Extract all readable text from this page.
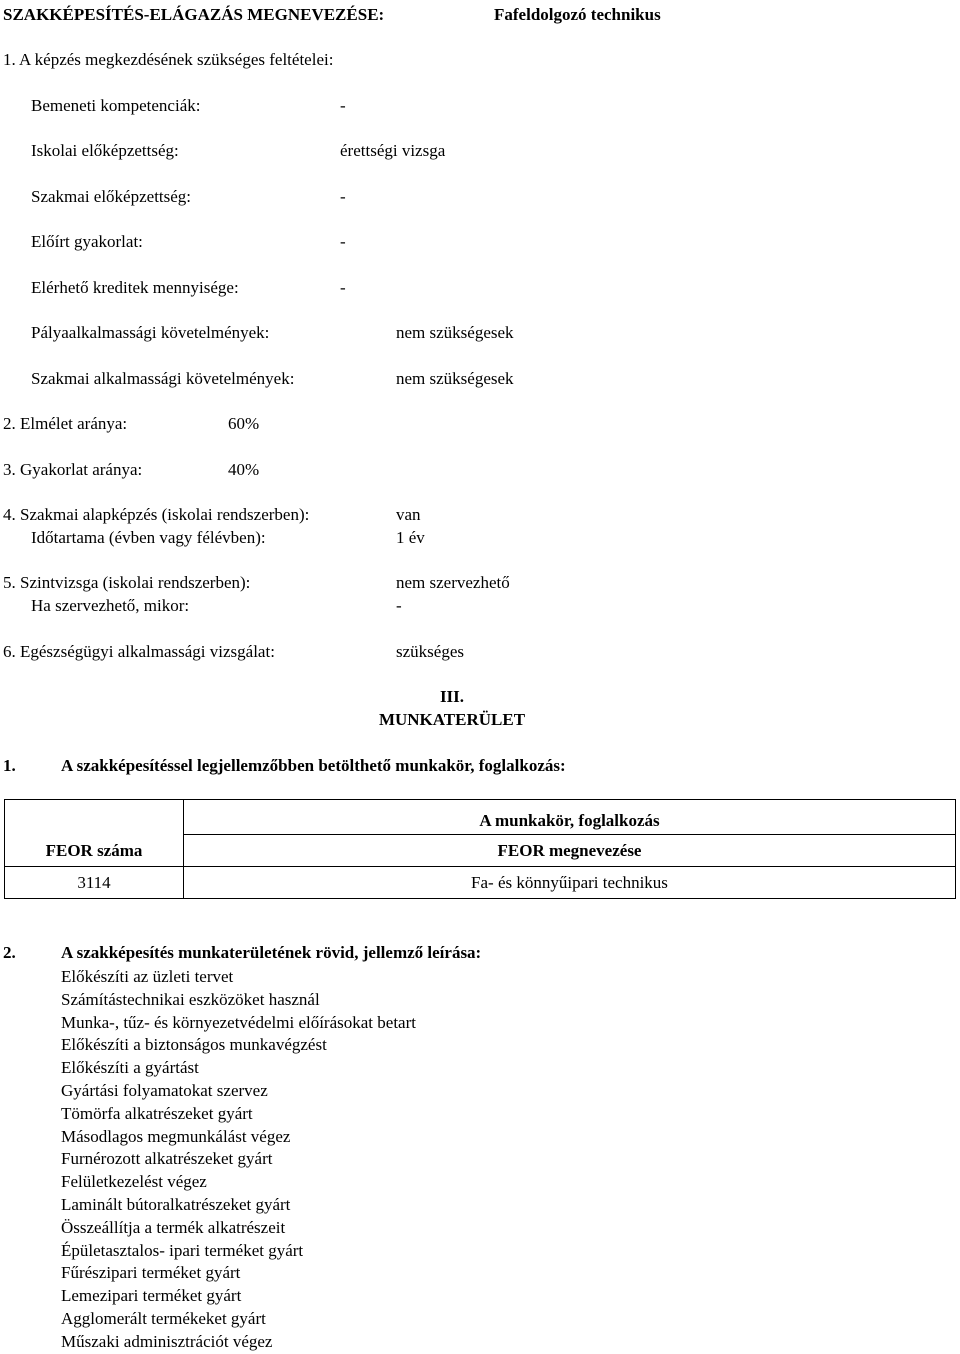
SZAKKÉPESÍTÉS-ELÁGAZÁS MEGNEVEZÉSE:	Fafeldolgozó technikus
1. A képzés megkezdésének szükséges feltételei:
Bemeneti kompetenciák:	-
Iskolai előképzettség:	érettségi vizsga
Szakmai előképzettség:	-
Előírt gyakorlat:	-
Elérhető kreditek mennyisége:	-
Pályaalkalmassági követelmények:	nem szükségesek
Szakmai alkalmassági követelmények:	nem szükségesek
2. Elmélet aránya:	60%
3. Gyakorlat aránya:	40%
4. Szakmai alapképzés (iskolai rendszerben):	van
Időtartama (évben vagy félévben):	1 év
5. Szintvizsga (iskolai rendszerben):	nem szervezhető
Ha szervezhető, mikor:	-
6. Egészségügyi alkalmassági vizsgálat:	szükséges
III.
MUNKATERÜLET
1.	A szakképesítéssel legjellemzőbben betölthető munkakör, foglalkozás:
FEOR száma	A munkakör, foglalkozás
	FEOR megnevezése
3114	Fa- és könnyűipari technikus
2.	A szakképesítés munkaterületének rövid, jellemző leírása:
Előkészíti az üzleti tervet
Számítástechnikai eszközöket használ
Munka-, tűz- és környezetvédelmi előírásokat betart
Előkészíti a biztonságos munkavégzést
Előkészíti a gyártást
Gyártási folyamatokat szervez
Tömörfa alkatrészeket gyárt
Másodlagos megmunkálást végez
Furnérozott alkatrészeket gyárt
Felületkezelést végez
Laminált bútoralkatrészeket gyárt
Összeállítja a termék alkatrészeit
Épületasztalos- ipari terméket gyárt
Fűrészipari terméket gyárt
Lemezipari terméket gyárt
Agglomerált termékeket gyárt
Műszaki adminisztrációt végez
